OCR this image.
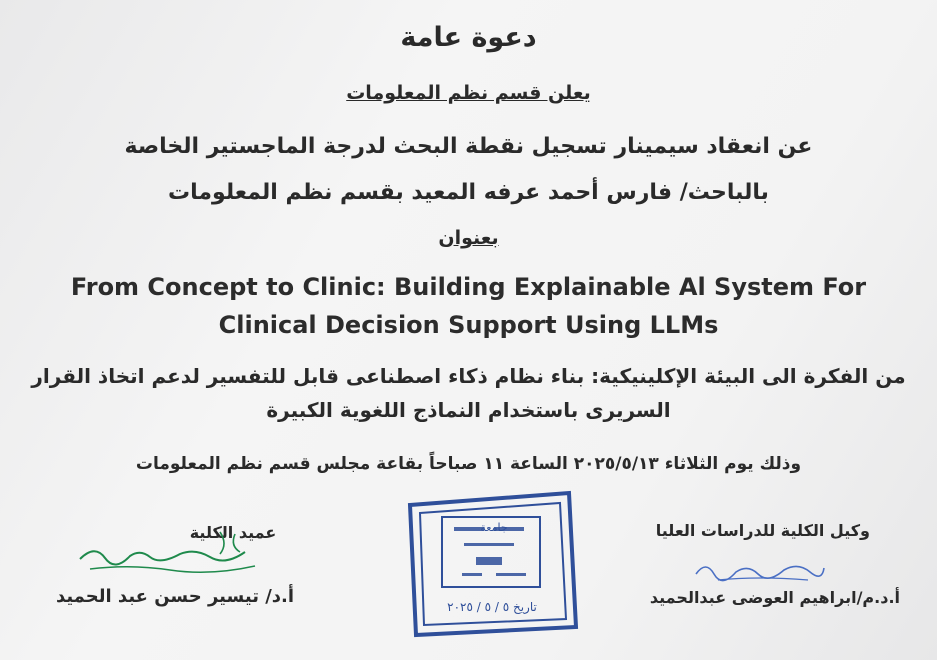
دعوة عامة
يعلن قسم نظم المعلومات
عن انعقاد سيمينار تسجيل نقطة البحث لدرجة الماجستير الخاصة
بالباحث/ فارس أحمد عرفه المعيد بقسم نظم المعلومات
بعنوان
From Concept to Clinic: Building Explainable Al System For
Clinical Decision Support Using LLMs
من الفكرة الى البيئة الإكلينيكية: بناء نظام ذكاء اصطناعى قابل للتفسير لدعم اتخاذ القرار
السريرى باستخدام النماذج اللغوية الكبيرة
وذلك يوم الثلاثاء ٢٠٢٥/٥/١٣ الساعة ١١ صباحاً بقاعة مجلس قسم نظم المعلومات
عميد الكلية
أ.د/ تيسير حسن عبد الحميد
جامعة
تاريخ ٥ / ٥ / ٢٠٢٥
وكيل الكلية للدراسات العليا
أ.د.م/ابراهيم العوضى عبدالحميد
